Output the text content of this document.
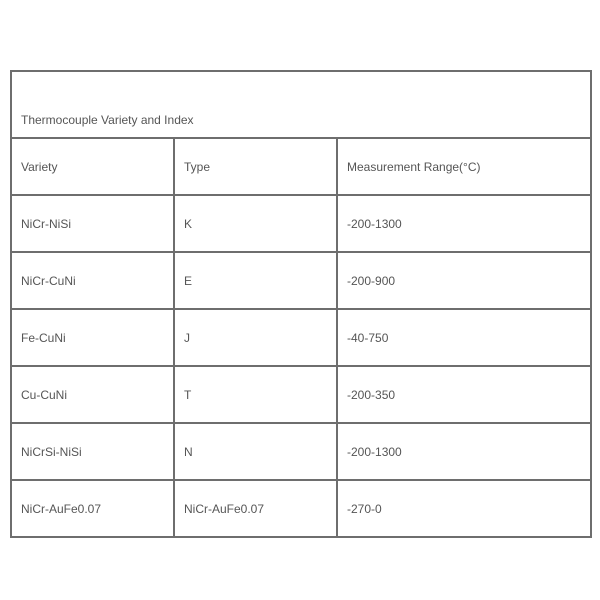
Thermocouple Variety and Index		
Variety	Type	Measurement Range(°C)
NiCr-NiSi	K	-200-1300
NiCr-CuNi	E	-200-900
Fe-CuNi	J	-40-750
Cu-CuNi	T	-200-350
NiCrSi-NiSi	N	-200-1300
NiCr-AuFe0.07	NiCr-AuFe0.07	-270-0
